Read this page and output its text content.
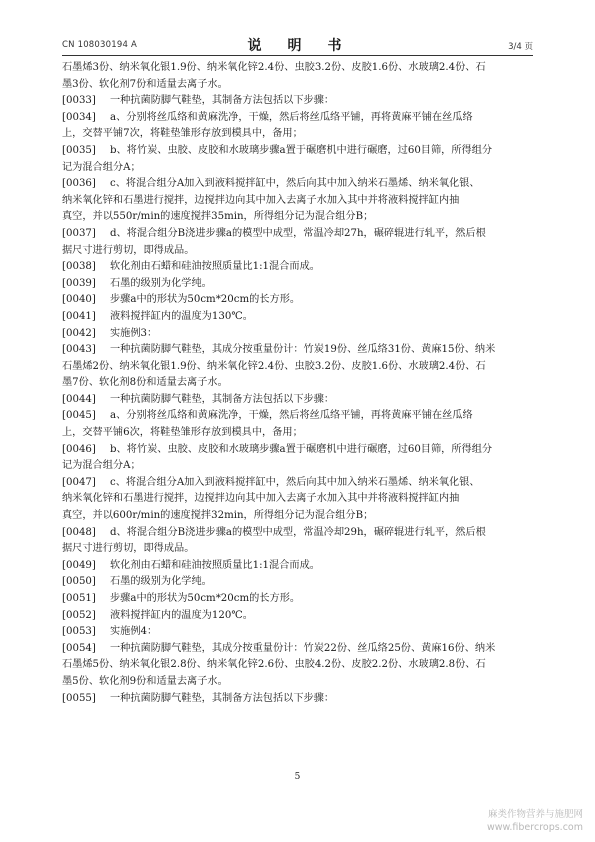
CN 108030194 A	说　明　书	3/4 页
石墨烯3份、纳米氧化银1.9份、纳米氧化锌2.4份、虫胶3.2份、皮胶1.6份、水玻璃2.4份、石
墨3份、软化剂7份和适量去离子水。
[0033] 一种抗菌防脚气鞋垫，其制备方法包括以下步骤：
[0034] a、分别将丝瓜络和黄麻洗净，干燥，然后将丝瓜络平铺，再将黄麻平铺在丝瓜络
上，交替平铺7次，将鞋垫雏形存放到模具中，备用；
[0035] b、将竹炭、虫胶、皮胶和水玻璃步骤a置于碾磨机中进行碾磨，过60目筛，所得组分
记为混合组分A；
[0036] c、将混合组分A加入到液料搅拌缸中，然后向其中加入纳米石墨烯、纳米氧化银、
纳米氧化锌和石墨进行搅拌，边搅拌边向其中加入去离子水加入其中并将液料搅拌缸内抽
真空，并以550r/min的速度搅拌35min，所得组分记为混合组分B；
[0037] d、将混合组分B浇进步骤a的模型中成型，常温冷却27h，碾碎辊进行轧平，然后根
据尺寸进行剪切，即得成品。
[0038] 软化剂由石蜡和硅油按照质量比1:1混合而成。
[0039] 石墨的级别为化学纯。
[0040] 步骤a中的形状为50cm*20cm的长方形。
[0041] 液料搅拌缸内的温度为130℃。
[0042] 实施例3：
[0043] 一种抗菌防脚气鞋垫，其成分按重量份计：竹炭19份、丝瓜络31份、黄麻15份、纳米
石墨烯2份、纳米氧化银1.9份、纳米氧化锌2.4份、虫胶3.2份、皮胶1.6份、水玻璃2.4份、石
墨7份、软化剂8份和适量去离子水。
[0044] 一种抗菌防脚气鞋垫，其制备方法包括以下步骤：
[0045] a、分别将丝瓜络和黄麻洗净，干燥，然后将丝瓜络平铺，再将黄麻平铺在丝瓜络
上，交替平铺6次，将鞋垫雏形存放到模具中，备用；
[0046] b、将竹炭、虫胶、皮胶和水玻璃步骤a置于碾磨机中进行碾磨，过60目筛，所得组分
记为混合组分A；
[0047] c、将混合组分A加入到液料搅拌缸中，然后向其中加入纳米石墨烯、纳米氧化银、
纳米氧化锌和石墨进行搅拌，边搅拌边向其中加入去离子水加入其中并将液料搅拌缸内抽
真空，并以600r/min的速度搅拌32min，所得组分记为混合组分B；
[0048] d、将混合组分B浇进步骤a的模型中成型，常温冷却29h，碾碎辊进行轧平，然后根
据尺寸进行剪切，即得成品。
[0049] 软化剂由石蜡和硅油按照质量比1:1混合而成。
[0050] 石墨的级别为化学纯。
[0051] 步骤a中的形状为50cm*20cm的长方形。
[0052] 液料搅拌缸内的温度为120℃。
[0053] 实施例4：
[0054] 一种抗菌防脚气鞋垫，其成分按重量份计：竹炭22份、丝瓜络25份、黄麻16份、纳米
石墨烯5份、纳米氧化银2.8份、纳米氧化锌2.6份、虫胶4.2份、皮胶2.2份、水玻璃2.8份、石
墨5份、软化剂9份和适量去离子水。
[0055] 一种抗菌防脚气鞋垫，其制备方法包括以下步骤：
5
麻类作物营养与施肥网
www.fibercrops.com
